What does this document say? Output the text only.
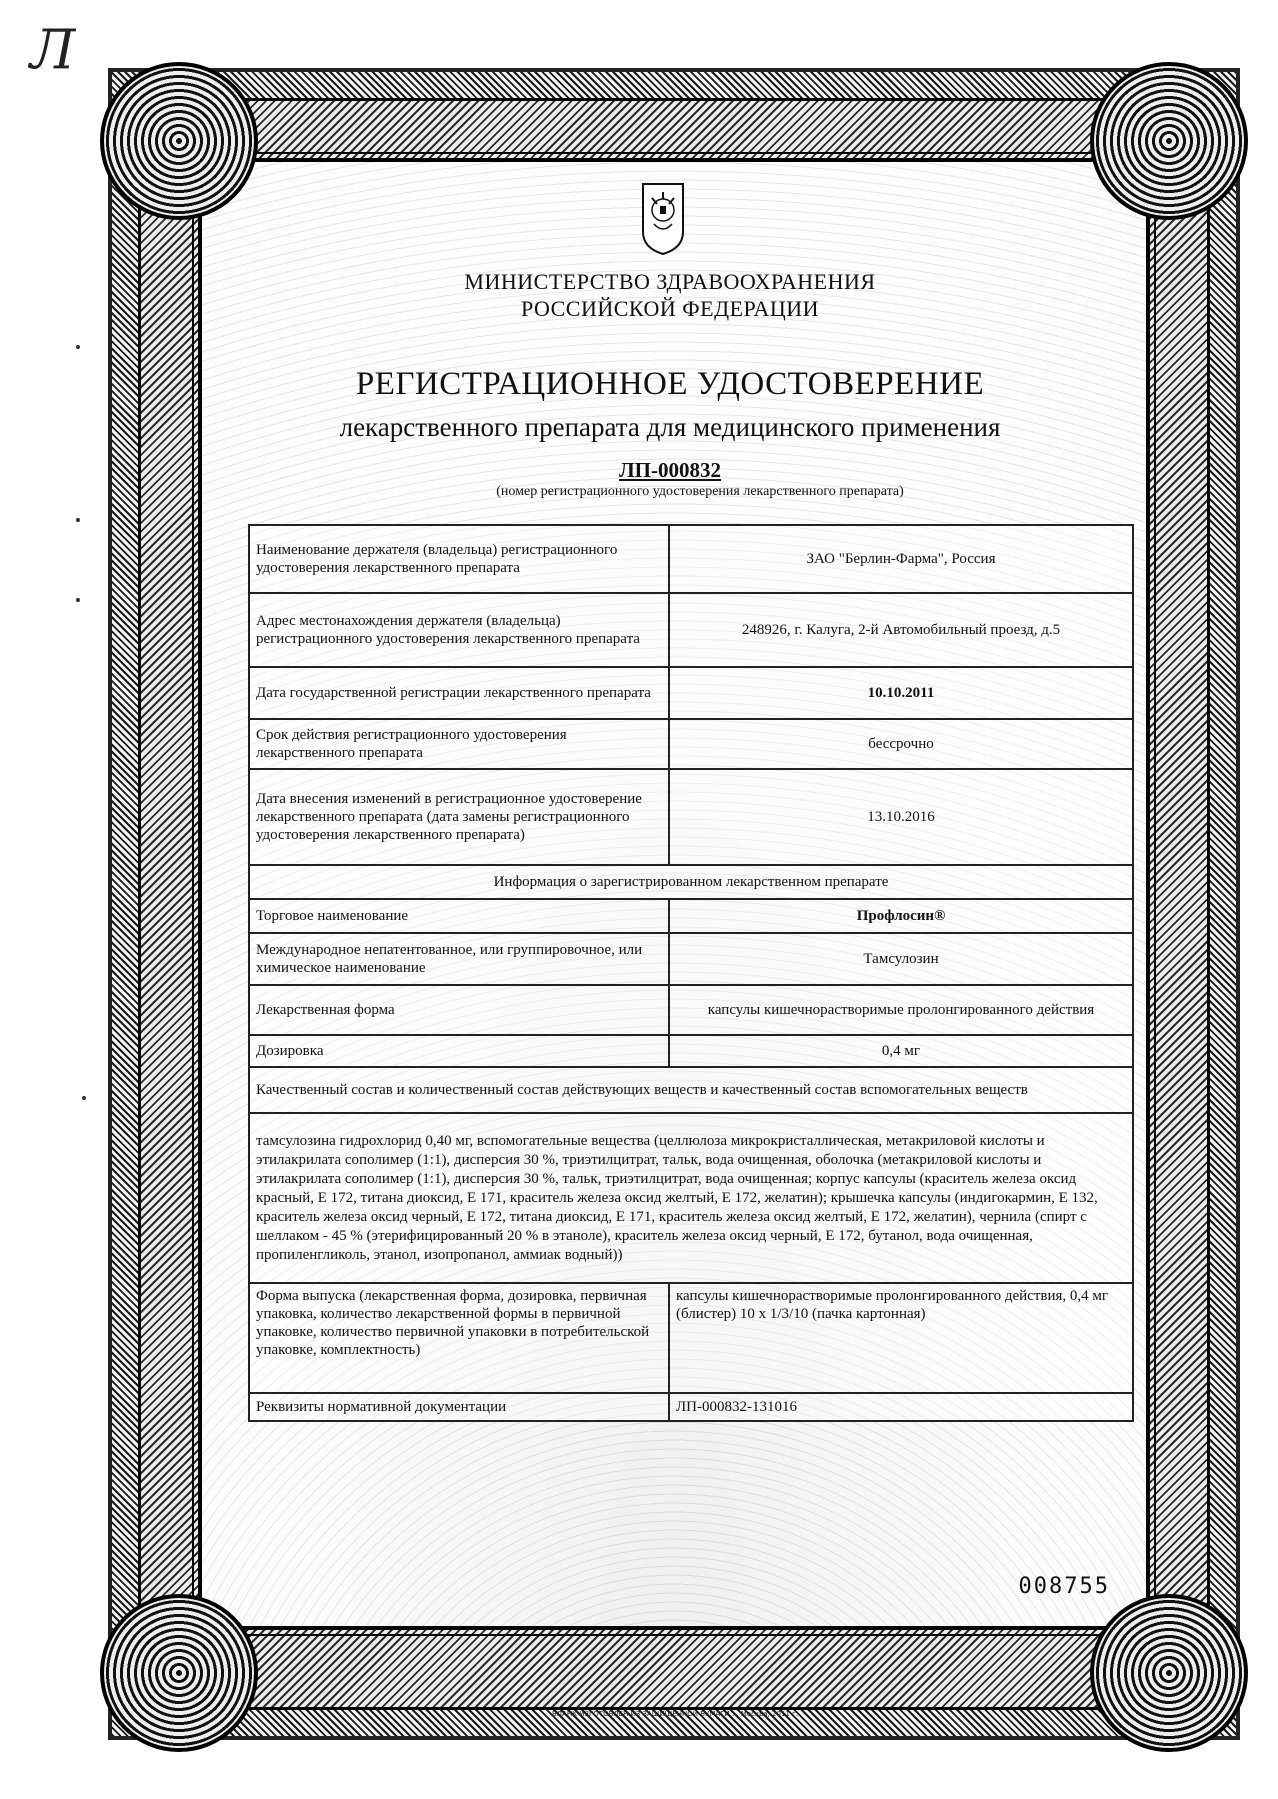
Л
БЛАНК ИЗГОТОВЛЕН ИЗ ЗАЩИЩЕННОЙ БУМАГИ ... Москва, 2011 г.
МИНИСТЕРСТВО ЗДРАВООХРАНЕНИЯ
РОССИЙСКОЙ ФЕДЕРАЦИИ
РЕГИСТРАЦИОННОЕ УДОСТОВЕРЕНИЕ
лекарственного препарата для медицинского применения
ЛП-000832
(номер регистрационного удостоверения лекарственного препарата)
Наименование держателя (владельца) регистрационного удостоверения лекарственного препарата	ЗАО "Берлин-Фарма", Россия
Адрес местонахождения держателя (владельца) регистрационного удостоверения лекарственного препарата	248926, г. Калуга, 2-й Автомобильный проезд, д.5
Дата государственной регистрации лекарственного препарата	10.10.2011
Срок действия регистрационного удостоверения лекарственного препарата	бессрочно
Дата внесения изменений в регистрационное удостоверение лекарственного препарата (дата замены регистрационного удостоверения лекарственного препарата)	13.10.2016
Информация о зарегистрированном лекарственном препарате	
Торговое наименование	Профлосин®
Международное непатентованное, или группировочное, или химическое наименование	Тамсулозин
Лекарственная форма	капсулы кишечнорастворимые пролонгированного действия
Дозировка	0,4 мг
Качественный состав и количественный состав действующих веществ и качественный состав вспомогательных веществ	
тамсулозина гидрохлорид 0,40 мг, вспомогательные вещества (целлюлоза микрокристаллическая, метакриловой кислоты и этилакрилата сополимер (1:1), дисперсия 30 %, триэтилцитрат, тальк, вода очищенная, оболочка (метакриловой кислоты и этилакрилата сополимер (1:1), дисперсия 30 %, тальк, триэтилцитрат, вода очищенная; корпус капсулы (краситель железа оксид красный, Е 172, титана диоксид, Е 171, краситель железа оксид желтый, Е 172, желатин); крышечка капсулы (индигокармин, Е 132, краситель железа оксид черный, Е 172, титана диоксид, Е 171, краситель железа оксид желтый, Е 172, желатин), чернила (спирт с шеллаком - 45 % (этерифицированный 20 % в этаноле), краситель железа оксид черный, Е 172, бутанол, вода очищенная, пропиленгликоль, этанол, изопропанол, аммиак водный))	
Форма выпуска (лекарственная форма, дозировка, первичная упаковка, количество лекарственной формы в первичной упаковке, количество первичной упаковки в потребительской упаковке, комплектность)	капсулы кишечнорастворимые пролонгированного действия, 0,4 мг (блистер) 10 x 1/3/10 (пачка картонная)
Реквизиты нормативной документации	ЛП-000832-131016
008755
